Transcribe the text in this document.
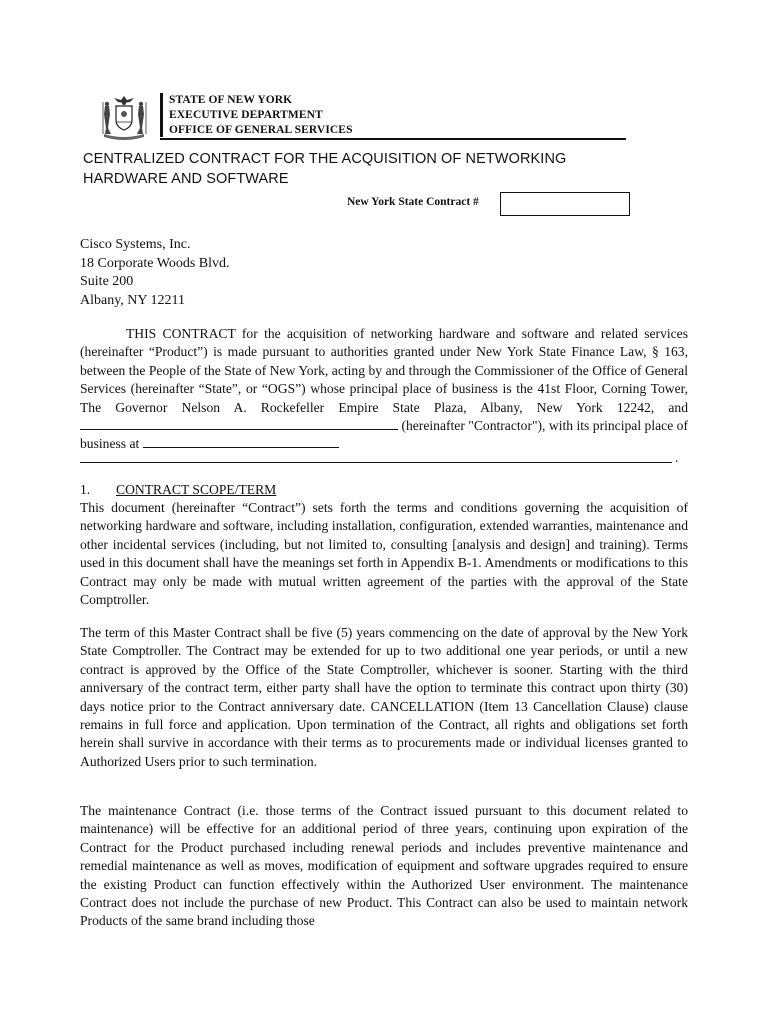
STATE OF NEW YORK
EXECUTIVE DEPARTMENT
OFFICE OF GENERAL SERVICES
CENTRALIZED CONTRACT FOR THE ACQUISITION OF NETWORKING HARDWARE AND SOFTWARE
New York State Contract #
Cisco Systems, Inc.
18 Corporate Woods Blvd.
Suite 200
Albany, NY 12211

THIS CONTRACT for the acquisition of networking hardware and software and related services (hereinafter “Product”) is made pursuant to authorities granted under New York State Finance Law, § 163, between the People of the State of New York, acting by and through the Commissioner of the Office of General Services (hereinafter “State”, or “OGS”) whose principal place of business is the 41st Floor, Corning Tower, The Governor Nelson A. Rockefeller Empire State Plaza, Albany, New York 12242, and  (hereinafter "Contractor"), with its principal place of business at

.
1. CONTRACT SCOPE/TERM

This document (hereinafter “Contract”) sets forth the terms and conditions governing the acquisition of networking hardware and software, including installation, configuration, extended warranties, maintenance and other incidental services (including, but not limited to, consulting [analysis and design] and training). Terms used in this document shall have the meanings set forth in Appendix B-1. Amendments or modifications to this Contract may only be made with mutual written agreement of the parties with the approval of the State Comptroller.

The term of this Master Contract shall be five (5) years commencing on the date of approval by the New York State Comptroller. The Contract may be extended for up to two additional one year periods, or until a new contract is approved by the Office of the State Comptroller, whichever is sooner. Starting with the third anniversary of the contract term, either party shall have the option to terminate this contract upon thirty (30) days notice prior to the Contract anniversary date. CANCELLATION (Item 13 Cancellation Clause) clause remains in full force and application. Upon termination of the Contract, all rights and obligations set forth herein shall survive in accordance with their terms as to procurements made or individual licenses granted to Authorized Users prior to such termination.

The maintenance Contract (i.e. those terms of the Contract issued pursuant to this document related to maintenance) will be effective for an additional period of three years, continuing upon expiration of the Contract for the Product purchased including renewal periods and includes preventive maintenance and remedial maintenance as well as moves, modification of equipment and software upgrades required to ensure the existing Product can function effectively within the Authorized User environment. The maintenance Contract does not include the purchase of new Product. This Contract can also be used to maintain network Products of the same brand including those
